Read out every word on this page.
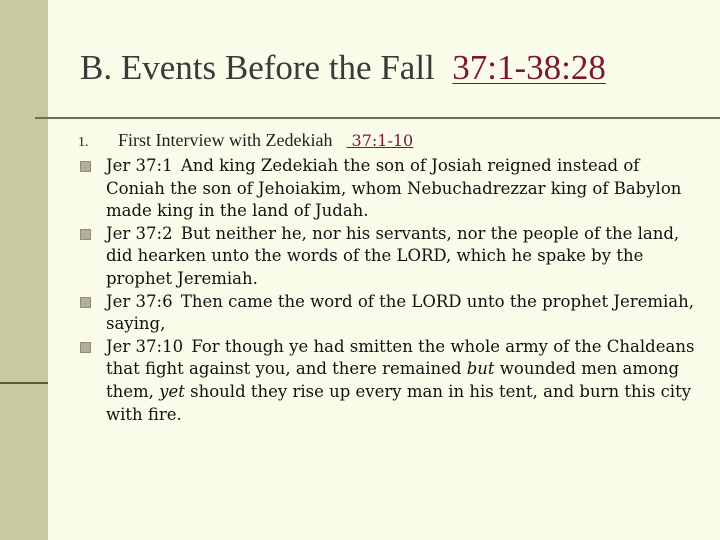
B. Events Before the Fall 37:1-38:28
1. First Interview with Zedekiah 37:1-10
Jer 37:1 And king Zedekiah the son of Josiah reigned instead of Coniah the son of Jehoiakim, whom Nebuchadrezzar king of Babylon made king in the land of Judah.
Jer 37:2 But neither he, nor his servants, nor the people of the land, did hearken unto the words of the LORD, which he spake by the prophet Jeremiah.
Jer 37:6 Then came the word of the LORD unto the prophet Jeremiah, saying,
Jer 37:10 For though ye had smitten the whole army of the Chaldeans that fight against you, and there remained but wounded men among them, yet should they rise up every man in his tent, and burn this city with fire.
